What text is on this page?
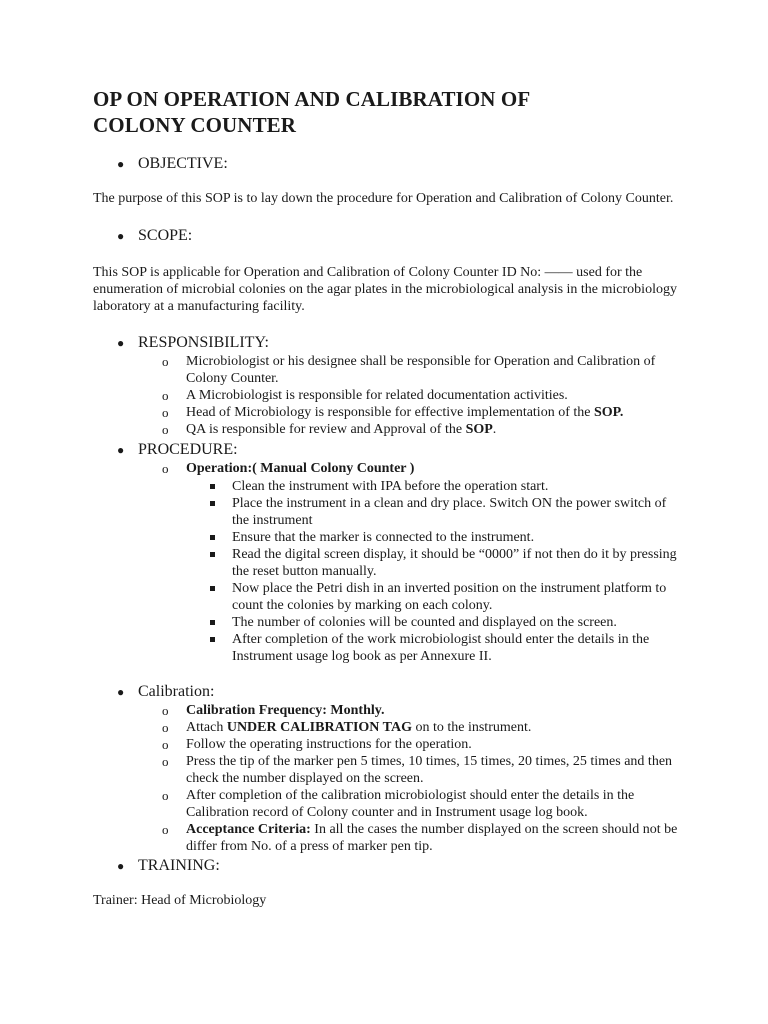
OP ON OPERATION AND CALIBRATION OF
COLONY COUNTER
● OBJECTIVE:

The purpose of this SOP is to lay down the procedure for Operation and Calibration of Colony Counter.

● SCOPE:

This SOP is applicable for Operation and Calibration of Colony Counter ID No: —— used for the enumeration of microbial colonies on the agar plates in the microbiological analysis in the microbiology laboratory at a manufacturing facility.

● RESPONSIBILITY:
o Microbiologist or his designee shall be responsible for Operation and Calibration of Colony Counter.
o A Microbiologist is responsible for related documentation activities.
o Head of Microbiology is responsible for effective implementation of the SOP.
o QA is responsible for review and Approval of the SOP.
● PROCEDURE:
o Operation:( Manual Colony Counter )
Clean the instrument with IPA before the operation start.
Place the instrument in a clean and dry place. Switch ON the power switch of the instrument
Ensure that the marker is connected to the instrument.
Read the digital screen display, it should be “0000” if not then do it by pressing the reset button manually.
Now place the Petri dish in an inverted position on the instrument platform to count the colonies by marking on each colony.
The number of colonies will be counted and displayed on the screen.
After completion of the work microbiologist should enter the details in the Instrument usage log book as per Annexure II.
● Calibration:
o Calibration Frequency: Monthly.
o Attach UNDER CALIBRATION TAG on to the instrument.
o Follow the operating instructions for the operation.
o Press the tip of the marker pen 5 times, 10 times, 15 times, 20 times, 25 times and then check the number displayed on the screen.
o After completion of the calibration microbiologist should enter the details in the Calibration record of Colony counter and in Instrument usage log book.
o Acceptance Criteria: In all the cases the number displayed on the screen should not be differ from No. of a press of marker pen tip.
● TRAINING:

Trainer: Head of Microbiology
